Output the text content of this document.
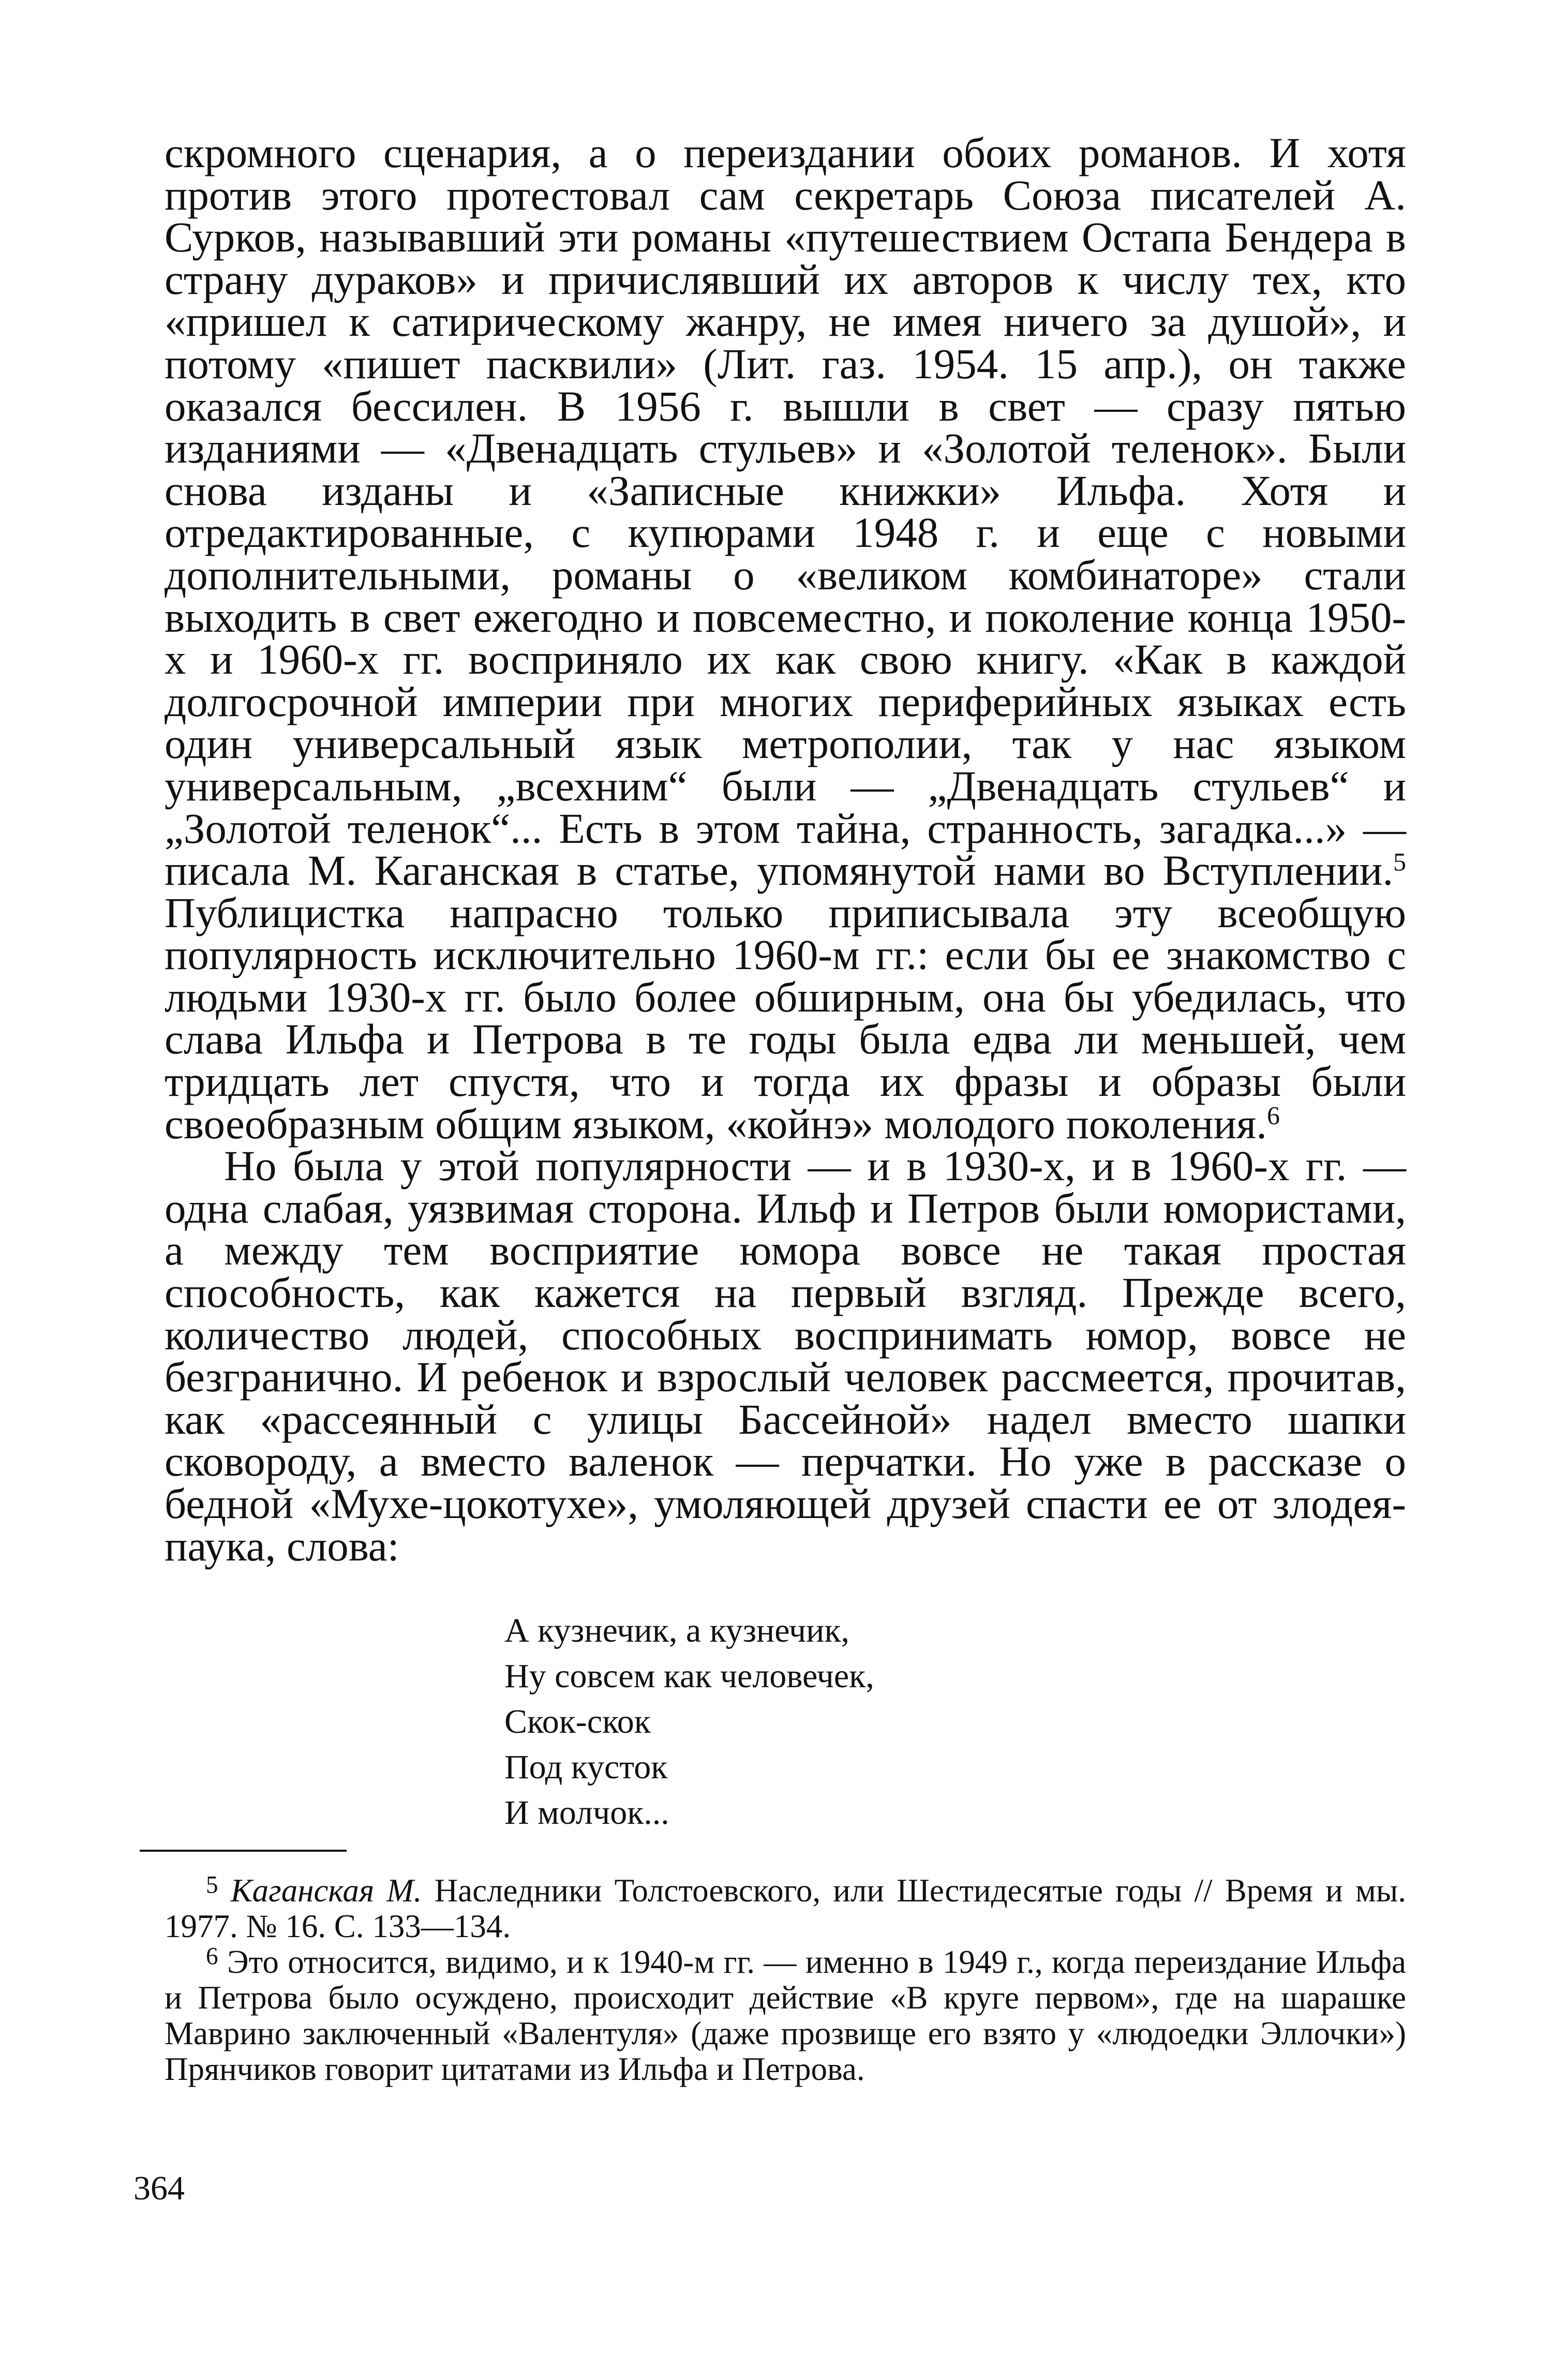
скромного сценария, а о переиздании обоих романов. И хотя против этого протестовал сам секретарь Союза писателей А. Сурков, называвший эти романы «путешествием Остапа Бендера в страну дураков» и причислявший их авторов к числу тех, кто «пришел к сатирическому жанру, не имея ничего за душой», и потому «пишет пасквили» (Лит. газ. 1954. 15 апр.), он также оказался бессилен. В 1956 г. вышли в свет — сразу пятью изданиями — «Двенадцать стульев» и «Золотой теленок». Были снова изданы и «Записные книжки» Ильфа. Хотя и отредактированные, с купюрами 1948 г. и еще с новыми дополнительными, романы о «великом комбинаторе» стали выходить в свет ежегодно и повсеместно, и поколение конца 1950-х и 1960-х гг. восприняло их как свою книгу. «Как в каждой долгосрочной империи при многих периферийных языках есть один универсальный язык метрополии, так у нас языком универсальным, „всехним“ были — „Двенадцать стульев“ и „Золотой теленок“... Есть в этом тайна, странность, загадка...» — писала М. Каганская в статье, упомянутой нами во Вступлении.$^5$ Публицистка напрасно только приписывала эту всеобщую популярность исключительно 1960-м гг.: если бы ее знакомство с людьми 1930-х гг. было более обширным, она бы убедилась, что слава Ильфа и Петрова в те годы была едва ли меньшей, чем тридцать лет спустя, что и тогда их фразы и образы были своеобразным общим языком, «койнэ» молодого поколения.$^6$

Но была у этой популярности — и в 1930-х, и в 1960-х гг. — одна слабая, уязвимая сторона. Ильф и Петров были юмористами, а между тем восприятие юмора вовсе не такая простая способность, как кажется на первый взгляд. Прежде всего, количество людей, способных воспринимать юмор, вовсе не безгранично. И ребенок и взрослый человек рассмеется, прочитав, как «рассеянный с улицы Бассейной» надел вместо шапки сковороду, а вместо валенок — перчатки. Но уже в рассказе о бедной «Мухе-цокотухе», умоляющей друзей спасти ее от злодея-паука, слова:

А кузнечик, а кузнечик,
Ну совсем как человечек,
Скок-скок
Под кусток
И молчок...

$^5$ Каганская М. Наследники Толстоевского, или Шестидесятые годы // Время и мы. 1977. № 16. С. 133—134.

$^6$ Это относится, видимо, и к 1940-м гг. — именно в 1949 г., когда переиздание Ильфа и Петрова было осуждено, происходит действие «В круге первом», где на шарашке Маврино заключенный «Валентуля» (даже прозвище его взято у «людоедки Эллочки») Прянчиков говорит цитатами из Ильфа и Петрова.

364
